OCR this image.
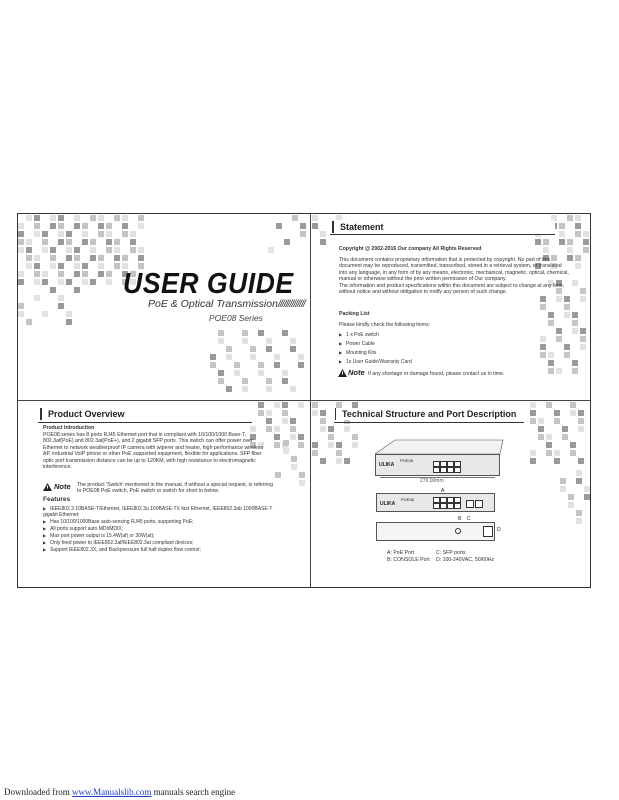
USER GUIDE
PoE & Optical Transmission//////////////
POE08 Series
Statement
Copyright @ 2002-2016 Our company All Rights Reserved
This document contains proprietary information that is protected by copyright. No part of this document may be reproduced, transmitted, transcribed, stored in a retrieval system, or translated into any language, in any form of by any means, electronic, mechanical, magnetic, optical, chemical, manual or otherwise without the prior written permission of Our company.
The information and product specifications within this document are subject to change at any time, without notice and without obligation to notify any person of such change.
Packing List
Please kindly check the following items:
▶ 1 x PoE switch
▶ Power Cable
▶ Mounting Kits
▶ 1x User Guide/Warranty Card
Note If any shortage or damage found, please contact us in time.
Product Overview
Product Introduction
POE08 series has 8 ports RJ45 Ethernet port that is compliant with 10/100/1000 Base-T, 802.3af(PoE) and 802.3at(PoE+), and 2 gigabit SFP ports. This switch can offer power over Ethernet to network weatherproof IP camera with wiperer and heater, high performance wireless AP, industrial VoIP phone or other PoE supported equipment, flexible for applications. SFP fiber optic port transmission distance can be up to 120KM, with high resistance to electromagnetic interference.
Note The product 'Switch' mentioned in the manual, if without a special request, is referring to POE08 PoE switch, PoE switch or switch for short in below.
Features
▶ IEEE802.3 10BASE-T/Ethernet, IEEE802.3u 100BASE-TX fast Ethernet, IEEE802.3ab 1000BASE-T gigabit Ethernet;
▶ Has 10/100/1000Base auto-sensing RJ45 ports, supporting PoE;
▶ All ports support auto MDI/MDIX;
▶ Max port power output is 15.4W(af) or 30W(at);
▶ Only feed power to IEEE802.3af/IEEE802.3at compliant devices;
▶ Support IEEE802.3X, and Backpressure full half duplex flow control;
Technical Structure and Port Description
ULIKA
POE08
270.00mm
ULIKA
POE08
A
B C
D
A: PoE Port
B: CONSOLE Port
C: SFP ports
D: 100-240VAC, 50/60Hz
Downloaded from www.Manualslib.com manuals search engine
